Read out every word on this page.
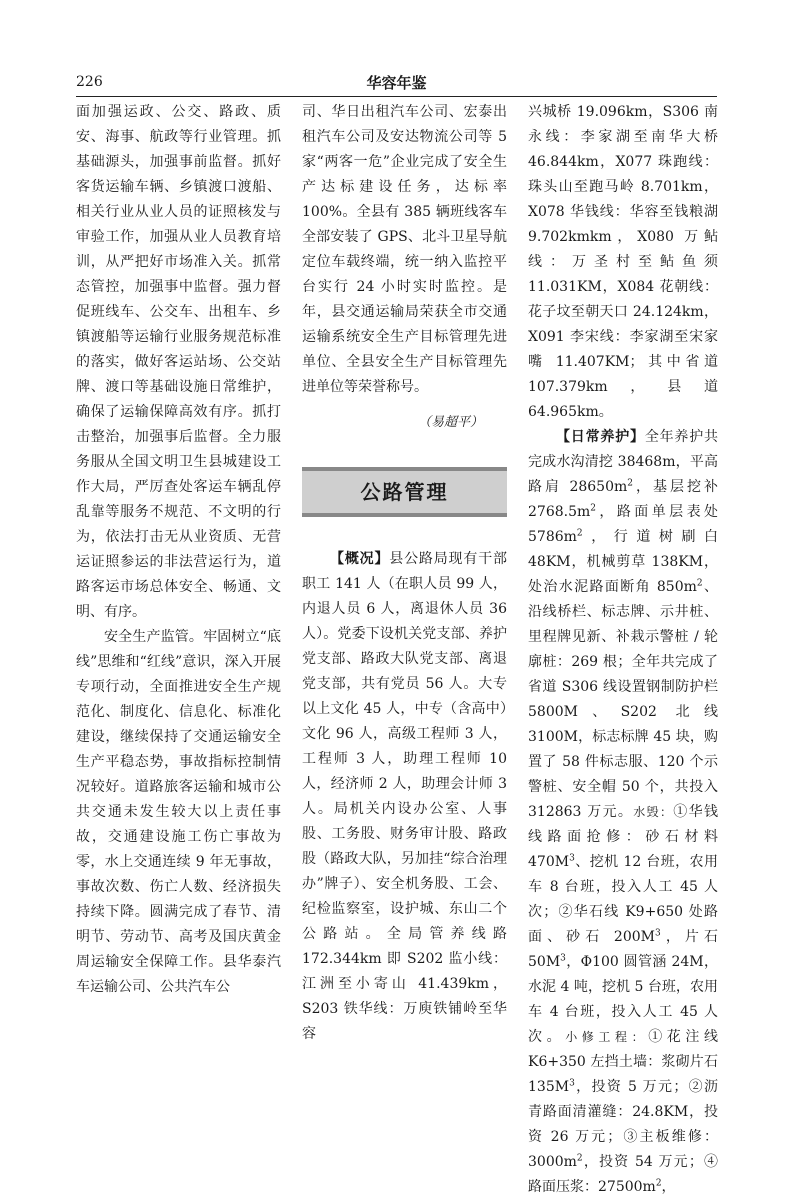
226	华容年鉴

面加强运政、公交、路政、质安、海事、航政等行业管理。抓基础源头，加强事前监督。抓好客货运输车辆、乡镇渡口渡船、相关行业从业人员的证照核发与审验工作，加强从业人员教育培训，从严把好市场准入关。抓常态管控，加强事中监督。强力督促班线车、公交车、出租车、乡镇渡船等运输行业服务规范标准的落实，做好客运站场、公交站牌、渡口等基础设施日常维护，确保了运输保障高效有序。抓打击整治，加强事后监督。全力服务服从全国文明卫生县城建设工作大局，严厉查处客运车辆乱停乱靠等服务不规范、不文明的行为，依法打击无从业资质、无营运证照参运的非法营运行为，道路客运市场总体安全、畅通、文明、有序。

安全生产监管。牢固树立“底线”思维和“红线”意识，深入开展专项行动，全面推进安全生产规范化、制度化、信息化、标准化建设，继续保持了交通运输安全生产平稳态势，事故指标控制情况较好。道路旅客运输和城市公共交通未发生较大以上责任事故，交通建设施工伤亡事故为零，水上交通连续 9 年无事故，事故次数、伤亡人数、经济损失持续下降。圆满完成了春节、清明节、劳动节、高考及国庆黄金周运输安全保障工作。县华泰汽车运输公司、公共汽车公

司、华日出租汽车公司、宏泰出租汽车公司及安达物流公司等 5 家“两客一危”企业完成了安全生产达标建设任务，达标率 100%。全县有 385 辆班线客车全部安装了 GPS、北斗卫星导航定位车载终端，统一纳入监控平台实行 24 小时实时监控。是年，县交通运输局荣获全市交通运输系统安全生产目标管理先进单位、全县安全生产目标管理先进单位等荣誉称号。

（易超平）
公路管理

【概况】县公路局现有干部职工 141 人（在职人员 99 人，内退人员 6 人，离退休人员 36 人）。党委下设机关党支部、养护党支部、路政大队党支部、离退党支部，共有党员 56 人。大专以上文化 45 人，中专（含高中）文化 96 人，高级工程师 3 人，工程师 3 人，助理工程师 10 人，经济师 2 人，助理会计师 3 人。局机关内设办公室、人事股、工务股、财务审计股、路政股（路政大队，另加挂“综合治理办”牌子）、安全机务股、工会、纪检监察室，设护城、东山二个公路站。全局管养线路 172.344km 即 S202 监小线：江洲至小寄山 41.439km，S203 铁华线：万庾铁铺岭至华容

兴城桥 19.096km，S306 南永线：李家湖至南华大桥 46.844km，X077 珠跑线：珠头山至跑马岭 8.701km，X078 华钱线：华容至钱粮湖 9.702kmkm，X080 万鲇线：万圣村至鲇鱼须 11.031KM，X084 花朝线：花子坟至朝天口 24.124km，X091 李宋线：李家湖至宋家嘴 11.407KM；其中省道 107.379km，县道 64.965km。

【日常养护】全年养护共完成水沟清挖 38468m，平高路肩 $28650m^2$，基层挖补 $2768.5m^2$，路面单层表处 $5786m^2$，行道树刷白 48KM，机械剪草 138KM，处治水泥路面断角 $850m^2$、沿线桥栏、标志牌、示井桩、里程牌见新、补栽示警桩 / 轮廓桩：269 根；全年共完成了省道 S306 线设置钢制防护栏 5800M、S202 北线 3100M，标志标牌 45 块，购置了 58 件标志服、120 个示警桩、安全帽 50 个，共投入 312863 万元。水毁：①华钱线路面抢修：砂石材料 $470M^3$、挖机 12 台班，农用车 8 台班，投入人工 45 人次；②华石线 K9+650 处路面、砂石 $200M^3$，片石 $50M^3$，Φ100 圆管涵 24M，水泥 4 吨，挖机 5 台班，农用车 4 台班，投入人工 45 人次。小修工程：①花注线 K6+350 左挡土墙：浆砌片石 $135M^3$，投资 5 万元；②沥青路面清灌缝：24.8KM，投资 26 万元；③主板维修：$3000m^2$，投资 54 万元；④路面压浆：$27500m^2$，
